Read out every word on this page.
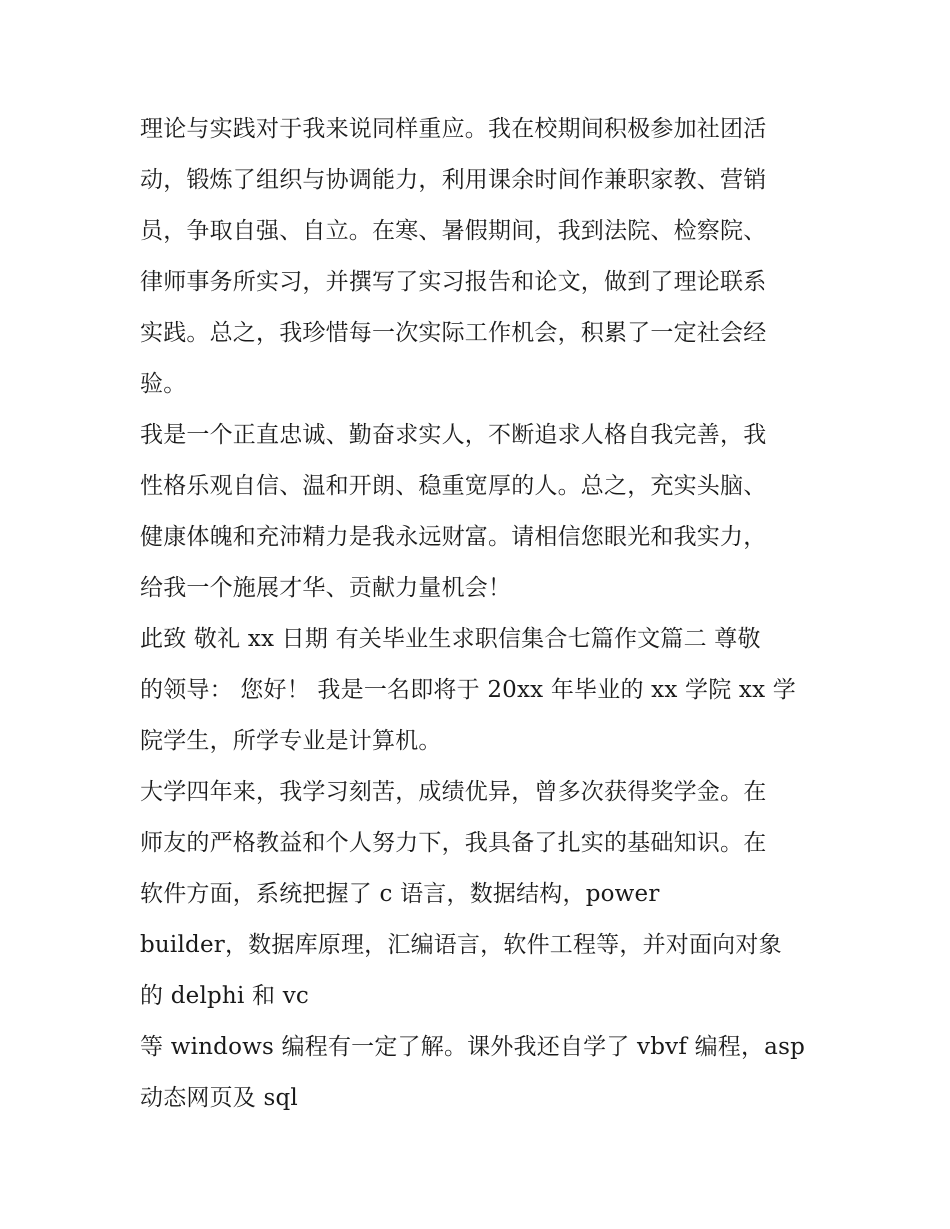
理论与实践对于我来说同样重应。我在校期间积极参加社团活
动，锻炼了组织与协调能力，利用课余时间作兼职家教、营销
员，争取自强、自立。在寒、暑假期间，我到法院、检察院、
律师事务所实习，并撰写了实习报告和论文，做到了理论联系
实践。总之，我珍惜每一次实际工作机会，积累了一定社会经
验。
我是一个正直忠诚、勤奋求实人，不断追求人格自我完善，我
性格乐观自信、温和开朗、稳重宽厚的人。总之，充实头脑、
健康体魄和充沛精力是我永远财富。请相信您眼光和我实力，
给我一个施展才华、贡献力量机会！
此致 敬礼 xx 日期 有关毕业生求职信集合七篇作文篇二 尊敬
的领导： 您好！ 我是一名即将于 20xx 年毕业的 xx 学院 xx 学
院学生，所学专业是计算机。
大学四年来，我学习刻苦，成绩优异，曾多次获得奖学金。在
师友的严格教益和个人努力下，我具备了扎实的基础知识。在
软件方面，系统把握了 c 语言，数据结构，power
builder，数据库原理，汇编语言，软件工程等，并对面向对象
的 delphi 和 vc
等 windows 编程有一定了解。课外我还自学了 vbvf 编程，asp
动态网页及 sql
